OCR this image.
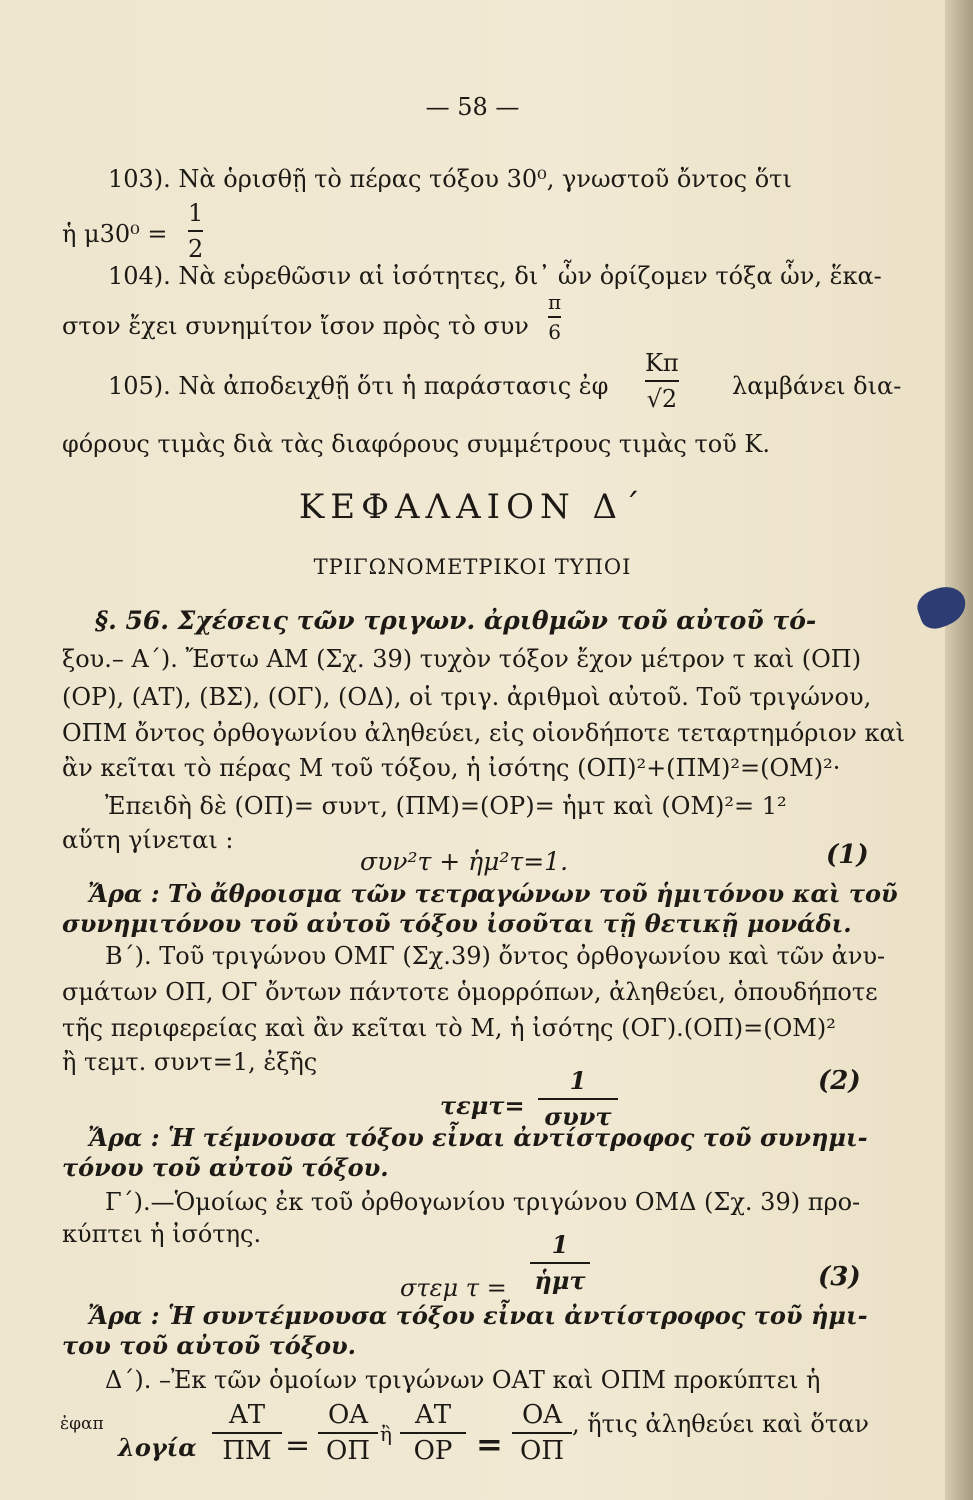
— 58 —
103). Νὰ ὁρισθῇ τὸ πέρας τόξου 30⁰, γνωστοῦ ὄντος ὅτι
ἡ μ30⁰ =
1
2
104). Νὰ εὑρεθῶσιν αἱ ἰσότητες, δι᾽ ὧν ὁρίζομεν τόξα ὧν, ἕκα-
στον ἔχει συνημίτον ἴσον πρὸς τὸ συν
π
6
105). Νὰ ἀποδειχθῇ ὅτι ἡ παράστασις ἐφ
Κπ
√2 λαμβάνει δια-
φόρους τιμὰς διὰ τὰς διαφόρους συμμέτρους τιμὰς τοῦ Κ.
ΚΕΦΑΛΑΙΟΝ Δ΄
ΤΡΙΓΩΝΟΜΕΤΡΙΚΟΙ ΤΥΠΟΙ
§. 56. Σχέσεις τῶν τριγων. ἀριθμῶν τοῦ αὐτοῦ τό-
ξου.– Α΄). Ἔστω ΑΜ (Σχ. 39) τυχὸν τόξον ἔχον μέτρον τ καὶ (ΟΠ)
(ΟΡ), (ΑΤ), (ΒΣ), (ΟΓ), (ΟΔ), οἱ τριγ. ἀριθμοὶ αὐτοῦ. Τοῦ τριγώνου,
ΟΠΜ ὄντος ὀρθογωνίου ἀληθεύει, εἰς οἱονδήποτε τεταρτημόριον καὶ
ἂν κεῖται τὸ πέρας Μ τοῦ τόξου, ἡ ἰσότης (ΟΠ)²+(ΠΜ)²=(ΟΜ)²·
Ἐπειδὴ δὲ (ΟΠ)= συντ, (ΠΜ)=(ΟΡ)= ἡμτ καὶ (ΟΜ)²= 1²
αὕτη γίνεται :
συν²τ + ἡμ²τ=1.	(1)
Ἄρα : Τὸ ἄθροισμα τῶν τετραγώνων τοῦ ἡμιτόνου καὶ τοῦ
συνημιτόνου τοῦ αὐτοῦ τόξου ἰσοῦται τῇ θετικῇ μονάδι.
Β΄). Τοῦ τριγώνου ΟΜΓ (Σχ.39) ὄντος ὀρθογωνίου καὶ τῶν ἀνυ-
σμάτων ΟΠ, ΟΓ ὄντων πάντοτε ὁμορρόπων, ἀληθεύει, ὁπουδήποτε
τῆς περιφερείας καὶ ἂν κεῖται τὸ Μ, ἡ ἰσότης (ΟΓ).(ΟΠ)=(ΟΜ)²
ἢ τεμτ. συντ=1, ἐξῆς
τεμτ=
1
συντ
(2)
Ἄρα : Ἡ τέμνουσα τόξου εἶναι ἀντίστροφος τοῦ συνημι-
τόνου τοῦ αὐτοῦ τόξου.
Γ΄).—Ὁμοίως ἐκ τοῦ ὀρθογωνίου τριγώνου ΟΜΔ (Σχ. 39) προ-
κύπτει ἡ ἰσότης.
στεμ τ =
1
ἡμτ	(3)
Ἄρα : Ἡ συντέμνουσα τόξου εἶναι ἀντίστροφος τοῦ ἡμι-
του τοῦ αὐτοῦ τόξου.
Δ΄). –Ἐκ τῶν ὁμοίων τριγώνων ΟΑΤ καὶ ΟΠΜ προκύπτει ἡ
ἐφαπ
λογία
ΑΤ
ΠΜ =
ΟΑ
ΟΠ
ἢ
ΑΤ
ΟΡ =
ΟΑ
ΟΠ
, ἥτις ἀληθεύει καὶ ὅταν
